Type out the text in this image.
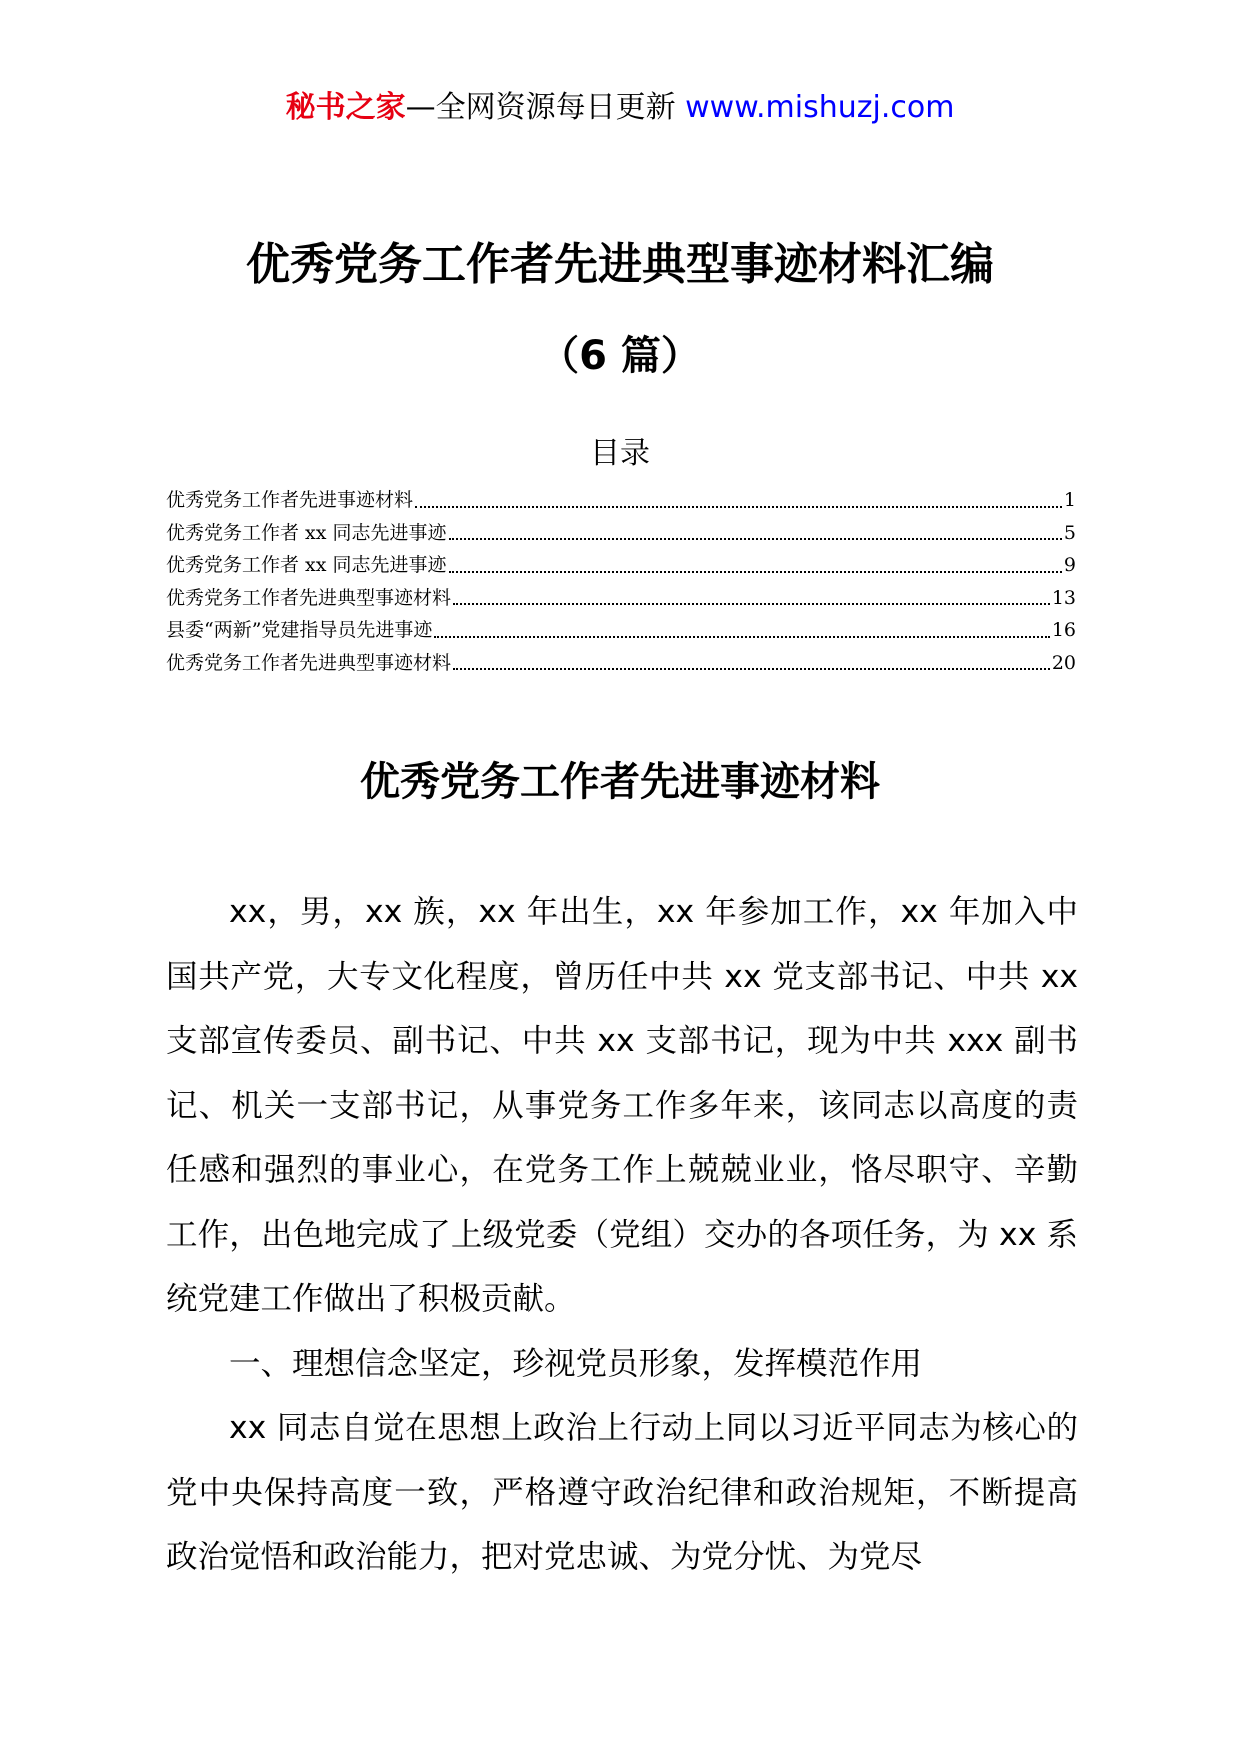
秘书之家—全网资源每日更新 www.mishuzj.com
优秀党务工作者先进典型事迹材料汇编
（6 篇）
目录
优秀党务工作者先进事迹材料	1
优秀党务工作者 xx 同志先进事迹	5
优秀党务工作者 xx 同志先进事迹	9
优秀党务工作者先进典型事迹材料	13
县委“两新”党建指导员先进事迹	16
优秀党务工作者先进典型事迹材料	20
优秀党务工作者先进事迹材料

xx，男，xx 族，xx 年出生，xx 年参加工作，xx 年加入中国共产党，大专文化程度，曾历任中共 xx 党支部书记、中共 xx 支部宣传委员、副书记、中共 xx 支部书记，现为中共 xxx 副书记、机关一支部书记，从事党务工作多年来，该同志以高度的责任感和强烈的事业心，在党务工作上兢兢业业，恪尽职守、辛勤工作，出色地完成了上级党委（党组）交办的各项任务，为 xx 系统党建工作做出了积极贡献。

一、理想信念坚定，珍视党员形象，发挥模范作用

xx 同志自觉在思想上政治上行动上同以习近平同志为核心的党中央保持高度一致，严格遵守政治纪律和政治规矩，不断提高政治觉悟和政治能力，把对党忠诚、为党分忧、为党尽
